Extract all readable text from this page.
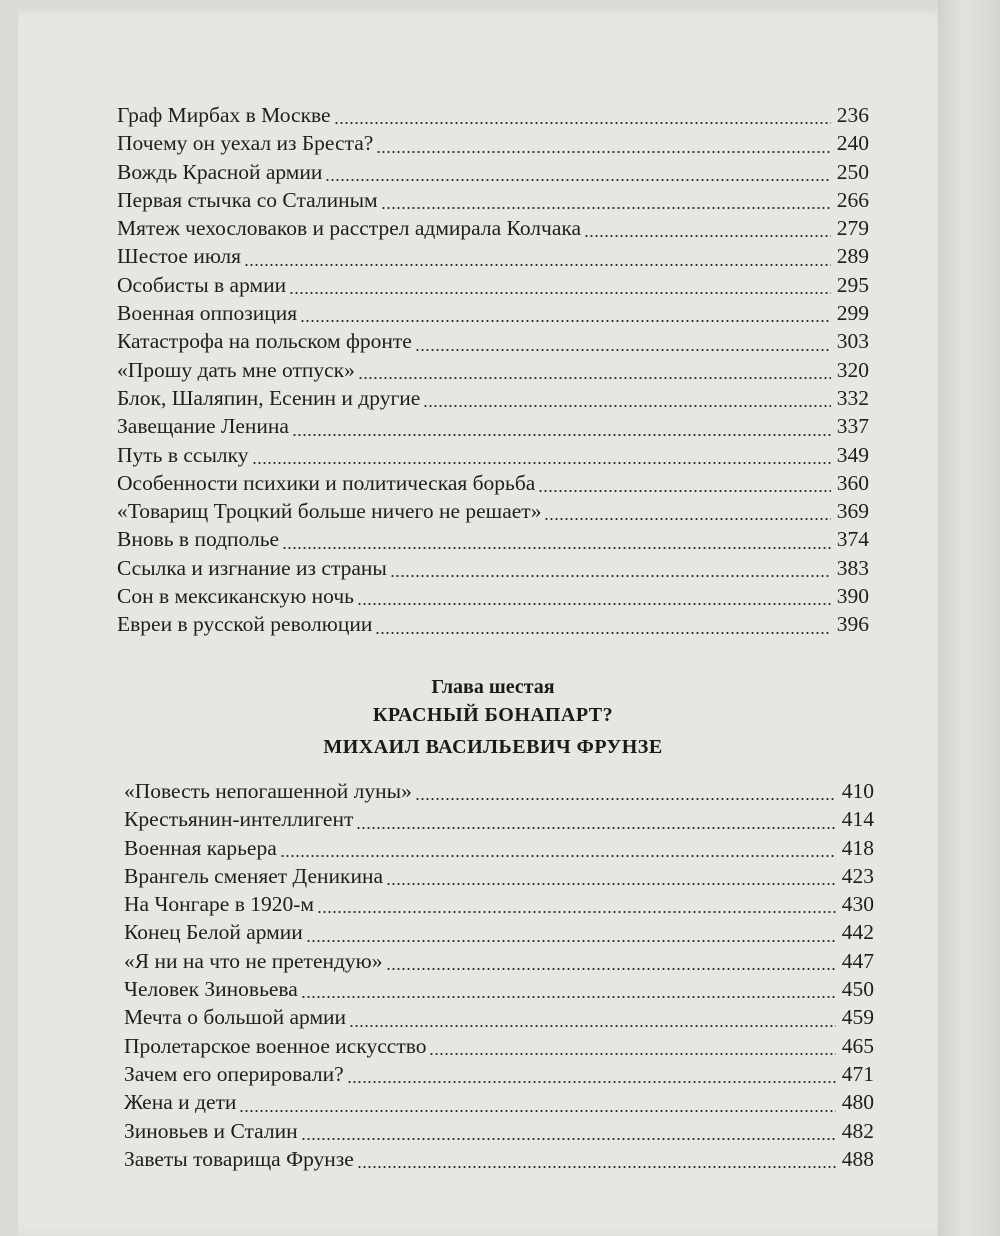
Граф Мирбах в Москве	236
Почему он уехал из Бреста?	240
Вождь Красной армии	250
Первая стычка со Сталиным	266
Мятеж чехословаков и расстрел адмирала Колчака	279
Шестое июля	289
Особисты в армии	295
Военная оппозиция	299
Катастрофа на польском фронте	303
«Прошу дать мне отпуск»	320
Блок, Шаляпин, Есенин и другие	332
Завещание Ленина	337
Путь в ссылку	349
Особенности психики и политическая борьба	360
«Товарищ Троцкий больше ничего не решает»	369
Вновь в подполье	374
Ссылка и изгнание из страны	383
Сон в мексиканскую ночь	390
Евреи в русской революции	396
Глава шестая
КРАСНЫЙ БОНАПАРТ?
МИХАИЛ ВАСИЛЬЕВИЧ ФРУНЗЕ
«Повесть непогашенной луны»	410
Крестьянин-интеллигент	414
Военная карьера	418
Врангель сменяет Деникина	423
На Чонгаре в 1920-м	430
Конец Белой армии	442
«Я ни на что не претендую»	447
Человек Зиновьева	450
Мечта о большой армии	459
Пролетарское военное искусство	465
Зачем его оперировали?	471
Жена и дети	480
Зиновьев и Сталин	482
Заветы товарища Фрунзе	488
